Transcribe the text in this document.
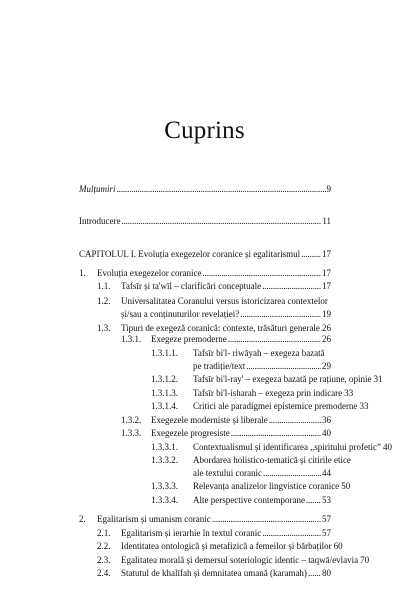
Cuprins
Mulțumiri . . .	9
Introducere . . .	11
CAPITOLUL I. Evoluția exegezelor coranice și egalitarismul . . . 17
1. Evoluția exegezelor coranice . . .	17
1.1. Tafsīr și ta'wīl – clarificări conceptuale . . .	17
1.2. Universalitatea Coranului versus istoricizarea contextelor
și/sau a conținuturilor revelației? . . .	19
1.3. Tipuri de exegeză coranică: contexte, trăsături generale . . . 26
1.3.1. Exegeze premoderne . . .	26
1.3.1.1. Tafsīr bi'l- riwāyah – exegeza bazată
pe tradiție/text . . .	29
1.3.1.2. Tafsīr bi'l-ray' – exegeza bazată pe rațiune, opinie 31
1.3.1.3. Tafsīr bi'l-isharah – exegeza prin indicare 33
1.3.1.4. Critici ale paradigmei epistemice premoderne 33
1.3.2. Exegezele moderniste și liberale . . .	36
1.3.3. Exegezele progresiste . . .	40
1.3.3.1. Contextualismul și identificarea „spiritului profetic” 40
1.3.3.2. Abordarea holistico-tematică și citirile etice
ale textului coranic . . .	44
1.3.3.3. Relevanța analizelor lingvistice coranice 50
1.3.3.4. Alte perspective contemporane . . . 53
2. Egalitarism și umanism coranic . . .	57
2.1. Egalitarism și ierarhie în textul coranic . . .	57
2.2. Identitatea ontologică și metafizică a femeilor și bărbaților 60
2.3. Egalitatea morală și demersul soteriologic identic – taqwā/evlavia 70
2.4. Statutul de khalīfah și demnitatea umană (karamah) . . . 80
